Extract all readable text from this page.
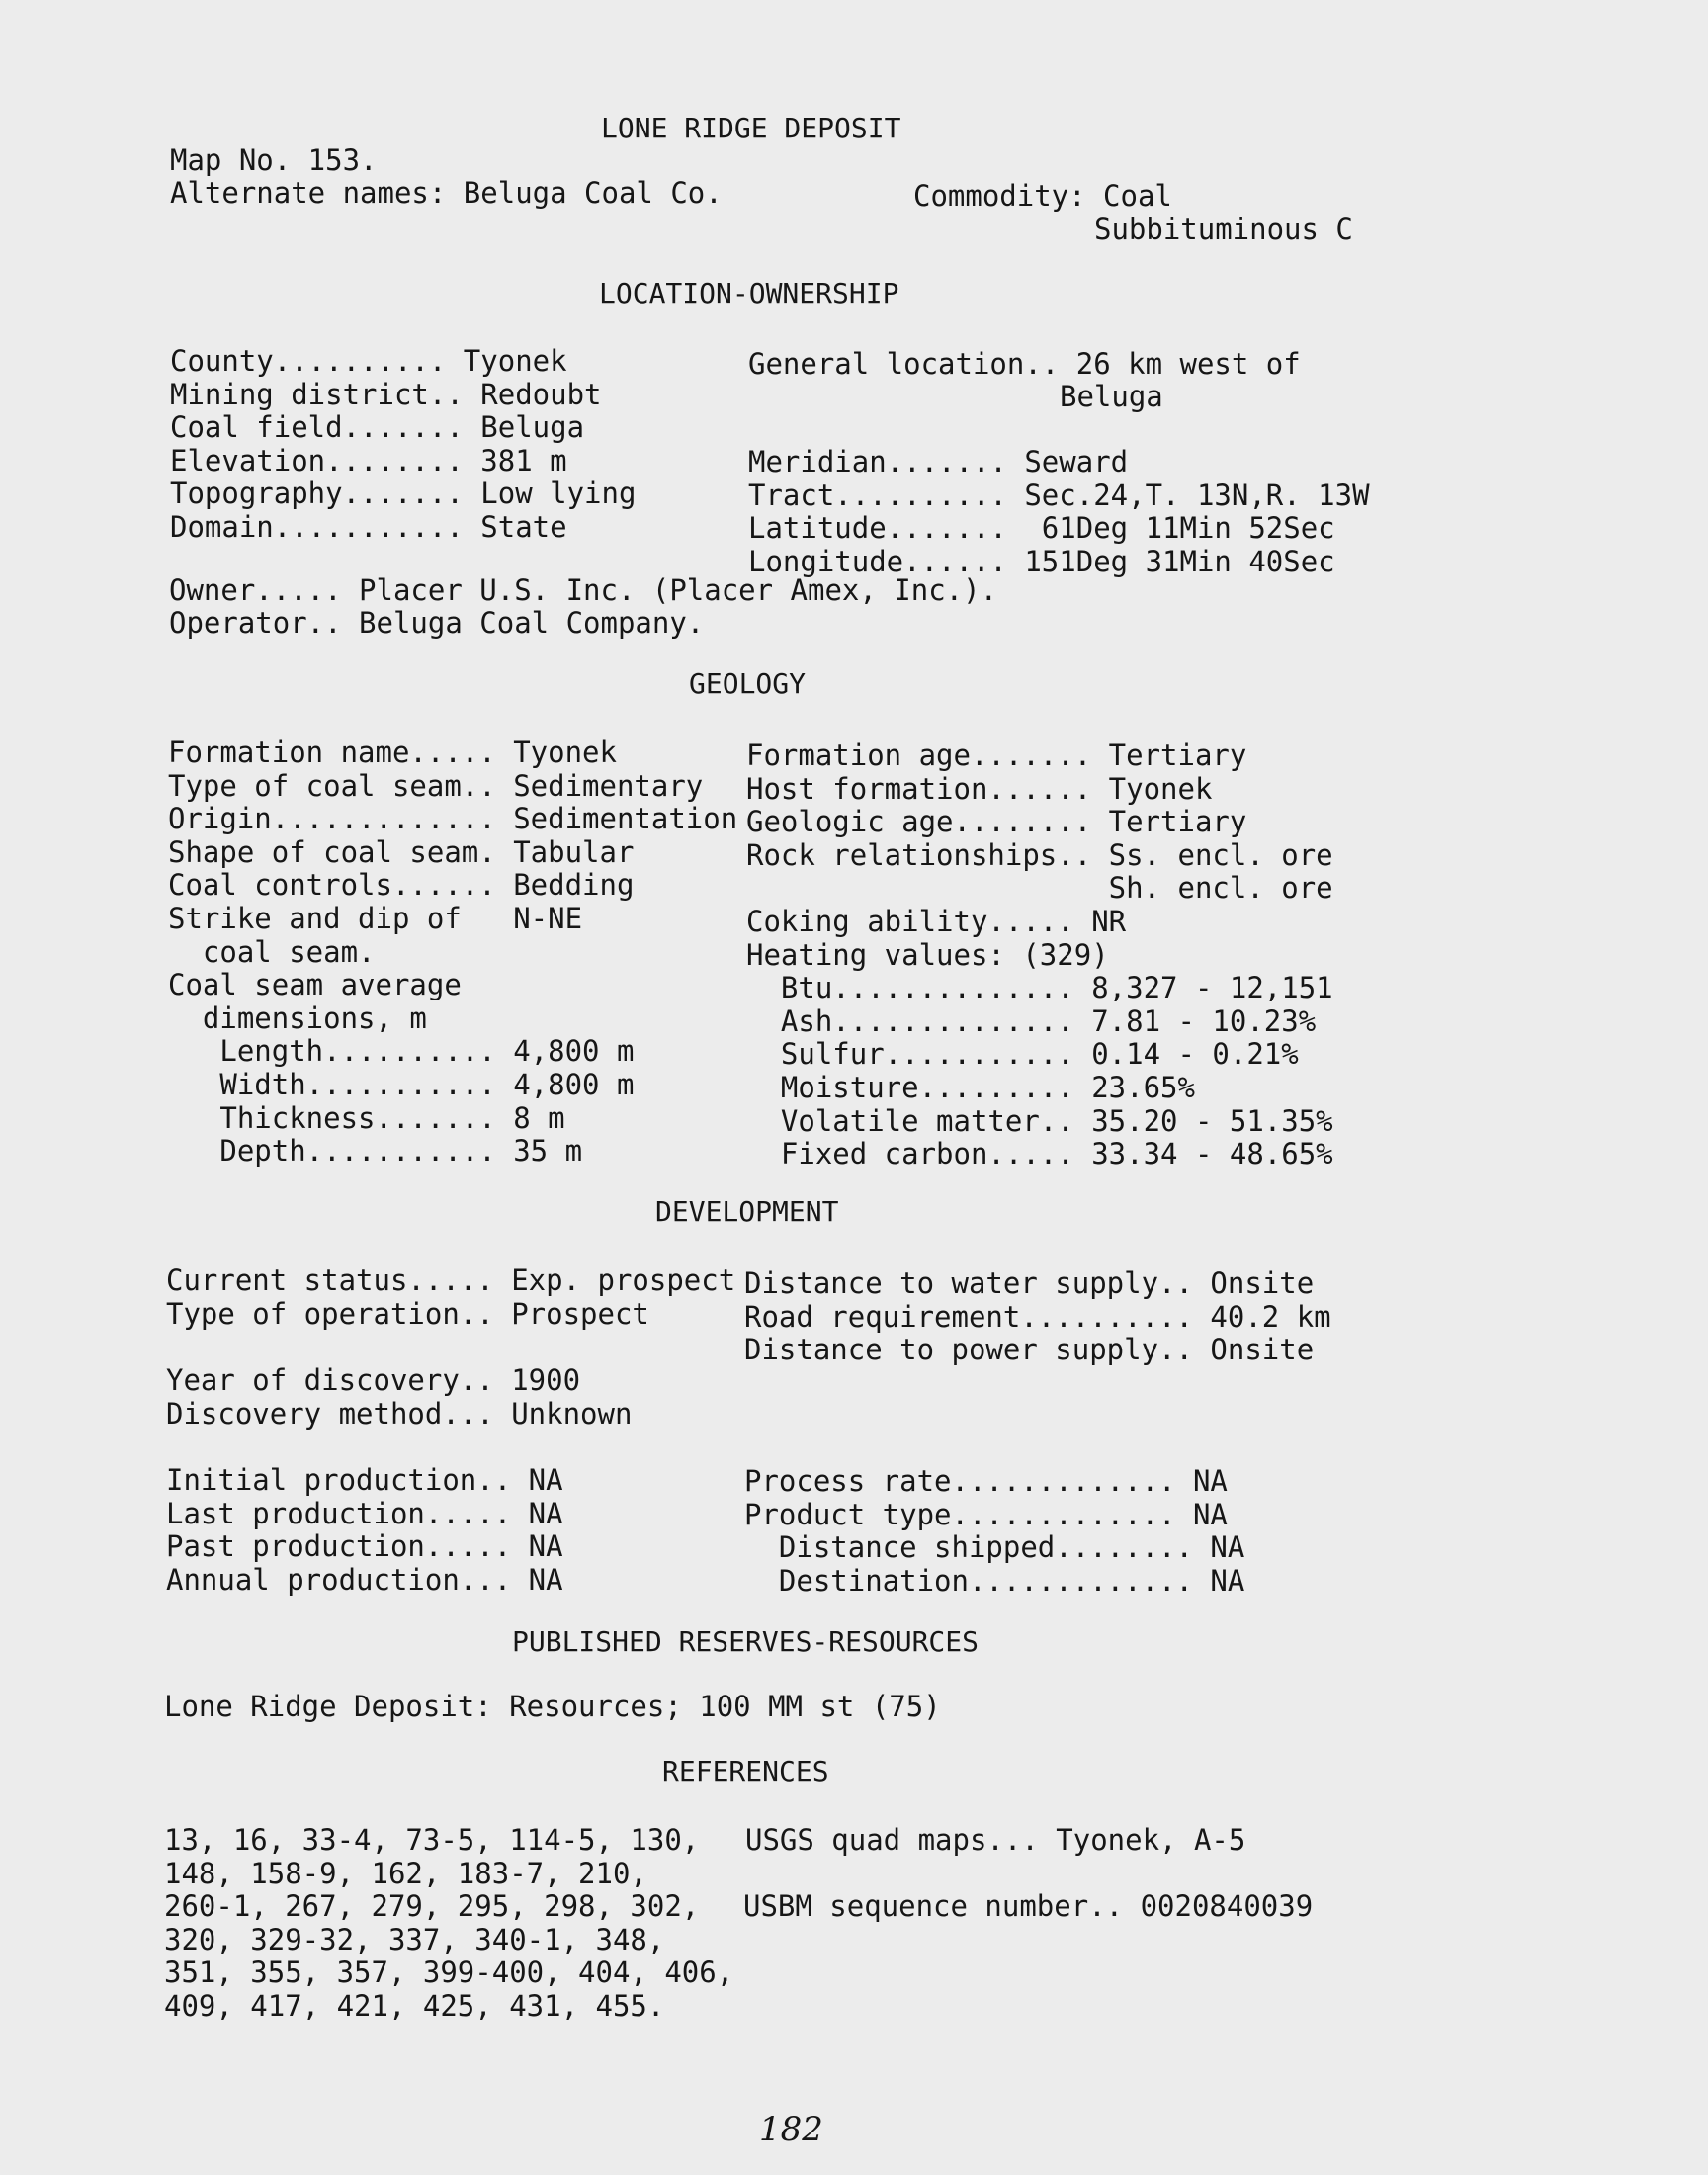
LONE RIDGE DEPOSIT
Map No. 153.
Alternate names: Beluga Coal Co.	Commodity: Coal
Subbituminous C
LOCATION-OWNERSHIP
County.......... Tyonek
Mining district.. Redoubt
Coal field....... Beluga
Elevation........ 381 m
Topography....... Low lying
Domain........... State
General location.. 26 km west of
Beluga
Meridian....... Seward
Tract.......... Sec.24,T. 13N,R. 13W
Latitude.......  61Deg 11Min 52Sec
Longitude...... 151Deg 31Min 40Sec
Owner..... Placer U.S. Inc. (Placer Amex, Inc.).
Operator.. Beluga Coal Company.
GEOLOGY
Formation name..... Tyonek
Type of coal seam.. Sedimentary
Origin............. Sedimentation
Shape of coal seam. Tabular
Coal controls...... Bedding
Strike and dip of   N-NE
coal seam.
Coal seam average
dimensions, m
Length.......... 4,800 m
Width........... 4,800 m
Thickness....... 8 m
Depth........... 35 m
Formation age....... Tertiary
Host formation...... Tyonek
Geologic age........ Tertiary
Rock relationships.. Ss. encl. ore
Sh. encl. ore
Coking ability..... NR
Heating values: (329)
Btu.............. 8,327 - 12,151
Ash.............. 7.81 - 10.23%
Sulfur........... 0.14 - 0.21%
Moisture......... 23.65%
Volatile matter.. 35.20 - 51.35%
Fixed carbon..... 33.34 - 48.65%
DEVELOPMENT
Current status..... Exp. prospect
Type of operation.. Prospect
Distance to water supply.. Onsite
Road requirement.......... 40.2 km
Distance to power supply.. Onsite
Year of discovery.. 1900
Discovery method... Unknown
Initial production.. NA
Last production..... NA
Past production..... NA
Annual production... NA
Process rate............. NA
Product type............. NA
Distance shipped........ NA
Destination............. NA
PUBLISHED RESERVES-RESOURCES
Lone Ridge Deposit: Resources; 100 MM st (75)
REFERENCES
13, 16, 33-4, 73-5, 114-5, 130,
148, 158-9, 162, 183-7, 210,
260-1, 267, 279, 295, 298, 302,
320, 329-32, 337, 340-1, 348,
351, 355, 357, 399-400, 404, 406,
409, 417, 421, 425, 431, 455.
USGS quad maps... Tyonek, A-5
USBM sequence number.. 0020840039
182
